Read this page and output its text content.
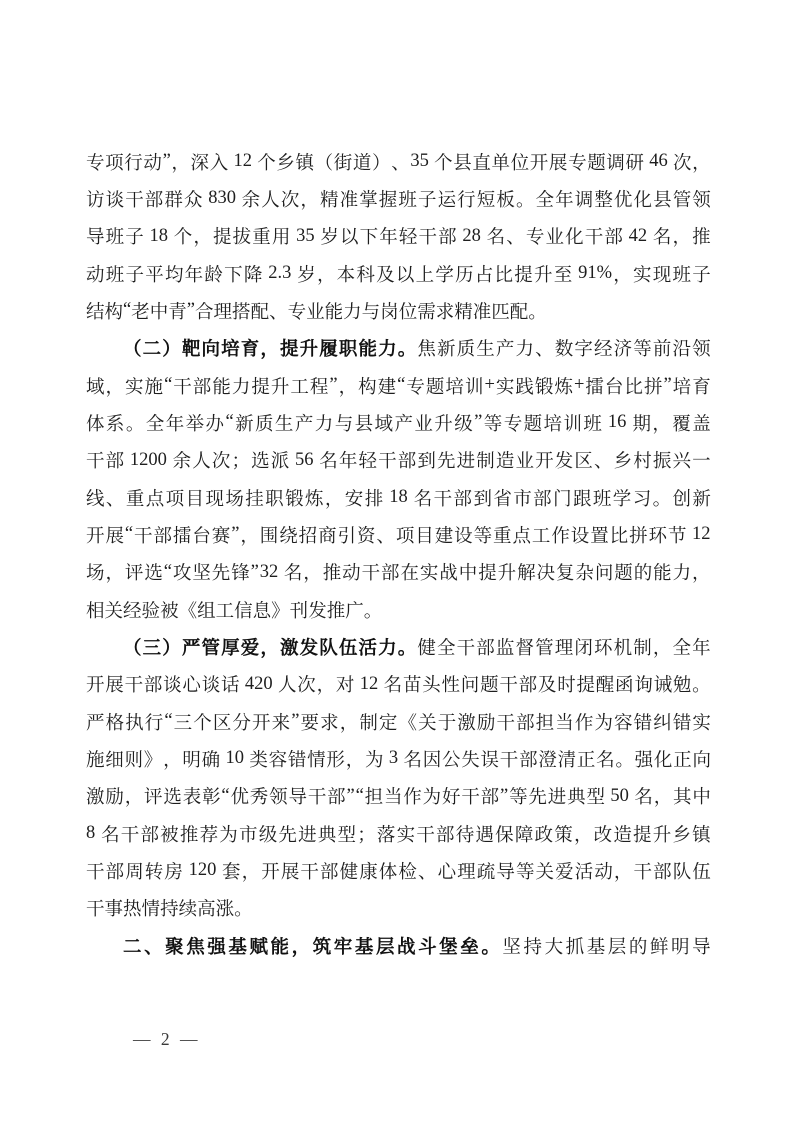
专 项 行 动 ” ， 深 入 12 个 乡 镇 （ 街 道 ） 、 35 个 县 直 单 位 开 展 专 题 调 研 46 次 ，
访 谈 干 部 群 众 830 余 人 次 ， 精 准 掌 握 班 子 运 行 短 板 。 全 年 调 整 优 化 县 管 领
导 班 子 18 个 ， 提 拔 重 用 35 岁 以 下 年 轻 干 部 28 名 、 专 业 化 干 部 42 名 ， 推
动 班 子 平 均 年 龄 下 降 2.3 岁 ， 本 科 及 以 上 学 历 占 比 提 升 至 91% ， 实 现 班 子
结 构 “ 老 中 青 ” 合 理 搭 配 、 专 业 能 力 与 岗 位 需 求 精 准 匹 配 。
（ 二 ） 靶 向 培 育 ， 提 升 履 职 能 力 。 焦 新 质 生 产 力 、 数 字 经 济 等 前 沿 领
域 ， 实 施 “ 干 部 能 力 提 升 工 程 ” ， 构 建 “ 专 题 培 训 + 实 践 锻 炼 + 擂 台 比 拼 ” 培 育
体 系 。 全 年 举 办 “ 新 质 生 产 力 与 县 域 产 业 升 级 ” 等 专 题 培 训 班 16 期 ， 覆 盖
干 部 1200 余 人 次 ； 选 派 56 名 年 轻 干 部 到 先 进 制 造 业 开 发 区 、 乡 村 振 兴 一
线 、 重 点 项 目 现 场 挂 职 锻 炼 ， 安 排 18 名 干 部 到 省 市 部 门 跟 班 学 习 。 创 新
开 展 “ 干 部 擂 台 赛 ” ， 围 绕 招 商 引 资 、 项 目 建 设 等 重 点 工 作 设 置 比 拼 环 节 12
场 ， 评 选 “ 攻 坚 先 锋 ” 32 名 ， 推 动 干 部 在 实 战 中 提 升 解 决 复 杂 问 题 的 能 力 ，
相 关 经 验 被 《 组 工 信 息 》 刊 发 推 广 。
（ 三 ） 严 管 厚 爱 ， 激 发 队 伍 活 力 。 健 全 干 部 监 督 管 理 闭 环 机 制 ， 全 年
开 展 干 部 谈 心 谈 话 420 人 次 ， 对 12 名 苗 头 性 问 题 干 部 及 时 提 醒 函 询 诫 勉 。
严 格 执 行 “ 三 个 区 分 开 来 ” 要 求 ， 制 定 《 关 于 激 励 干 部 担 当 作 为 容 错 纠 错 实
施 细 则 》 ， 明 确 10 类 容 错 情 形 ， 为 3 名 因 公 失 误 干 部 澄 清 正 名 。 强 化 正 向
激 励 ， 评 选 表 彰 “ 优 秀 领 导 干 部 ” “ 担 当 作 为 好 干 部 ” 等 先 进 典 型 50 名 ， 其 中
8 名 干 部 被 推 荐 为 市 级 先 进 典 型 ； 落 实 干 部 待 遇 保 障 政 策 ， 改 造 提 升 乡 镇
干 部 周 转 房 120 套 ， 开 展 干 部 健 康 体 检 、 心 理 疏 导 等 关 爱 活 动 ， 干 部 队 伍
干 事 热 情 持 续 高 涨 。
二 、 聚 焦 强 基 赋 能 ， 筑 牢 基 层 战 斗 堡 垒 。 坚 持 大 抓 基 层 的 鲜 明 导
— 2 —
